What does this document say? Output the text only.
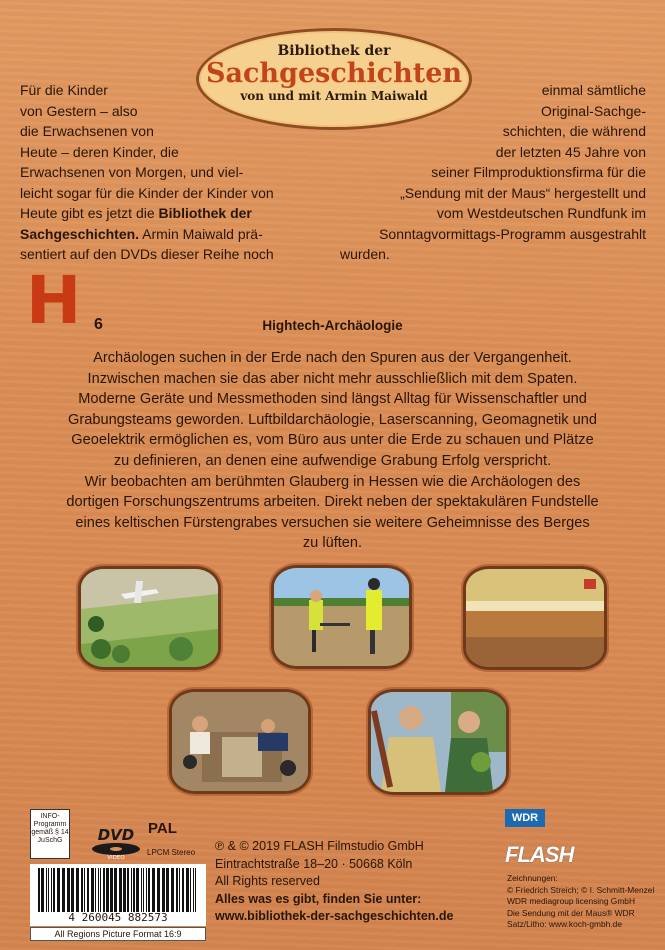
Bibliothek der
Sachgeschichten
von und mit Armin Maiwald
Für die Kinder
von Gestern – also
die Erwachsenen von
Heute – deren Kinder, die
Erwachsenen von Morgen, und viel-
leicht sogar für die Kinder der Kinder von
Heute gibt es jetzt die Bibliothek der
Sachgeschichten. Armin Maiwald prä-
sentiert auf den DVDs dieser Reihe noch
einmal sämtliche
Original-Sachge-
schichten, die während
der letzten 45 Jahre von
seiner Filmproduktionsfirma für die
„Sendung mit der Maus“ hergestellt und
vom Westdeutschen Rundfunk im
Sonntagvormittags-Programm ausgestrahlt
wurden.
H 6	Hightech-Archäologie
Archäologen suchen in der Erde nach den Spuren aus der Vergangenheit.
Inzwischen machen sie das aber nicht mehr ausschließlich mit dem Spaten.
Moderne Geräte und Messmethoden sind längst Alltag für Wissenschaftler und
Grabungsteams geworden. Luftbildarchäologie, Laserscanning, Geomagnetik und
Geoelektrik ermöglichen es, vom Büro aus unter die Erde zu schauen und Plätze
zu definieren, an denen eine aufwendige Grabung Erfolg verspricht.
Wir beobachten am berühmten Glauberg in Hessen wie die Archäologen des
dortigen Forschungszentrums arbeiten. Direkt neben der spektakulären Fundstelle
eines keltischen Fürstengrabes versuchen sie weitere Geheimnisse des Berges
zu lüften.
INFO-Programm gemäß § 14 JuSchG	DVD
VIDEO
PAL
LPCM Stereo
4 260045 882573
All Regions Picture Format 16:9
℗ & © 2019 FLASH Filmstudio GmbH
Eintrachtstraße 18–20 · 50668 Köln
All Rights reserved
Alles was es gibt, finden Sie unter:
www.bibliothek-der-sachgeschichten.de
WDR
FLASH
Zeichnungen:
© Friedrich Streich; © I. Schmitt-Menzel
WDR mediagroup licensing GmbH
Die Sendung mit der Maus® WDR
Satz/Litho: www.koch-gmbh.de
